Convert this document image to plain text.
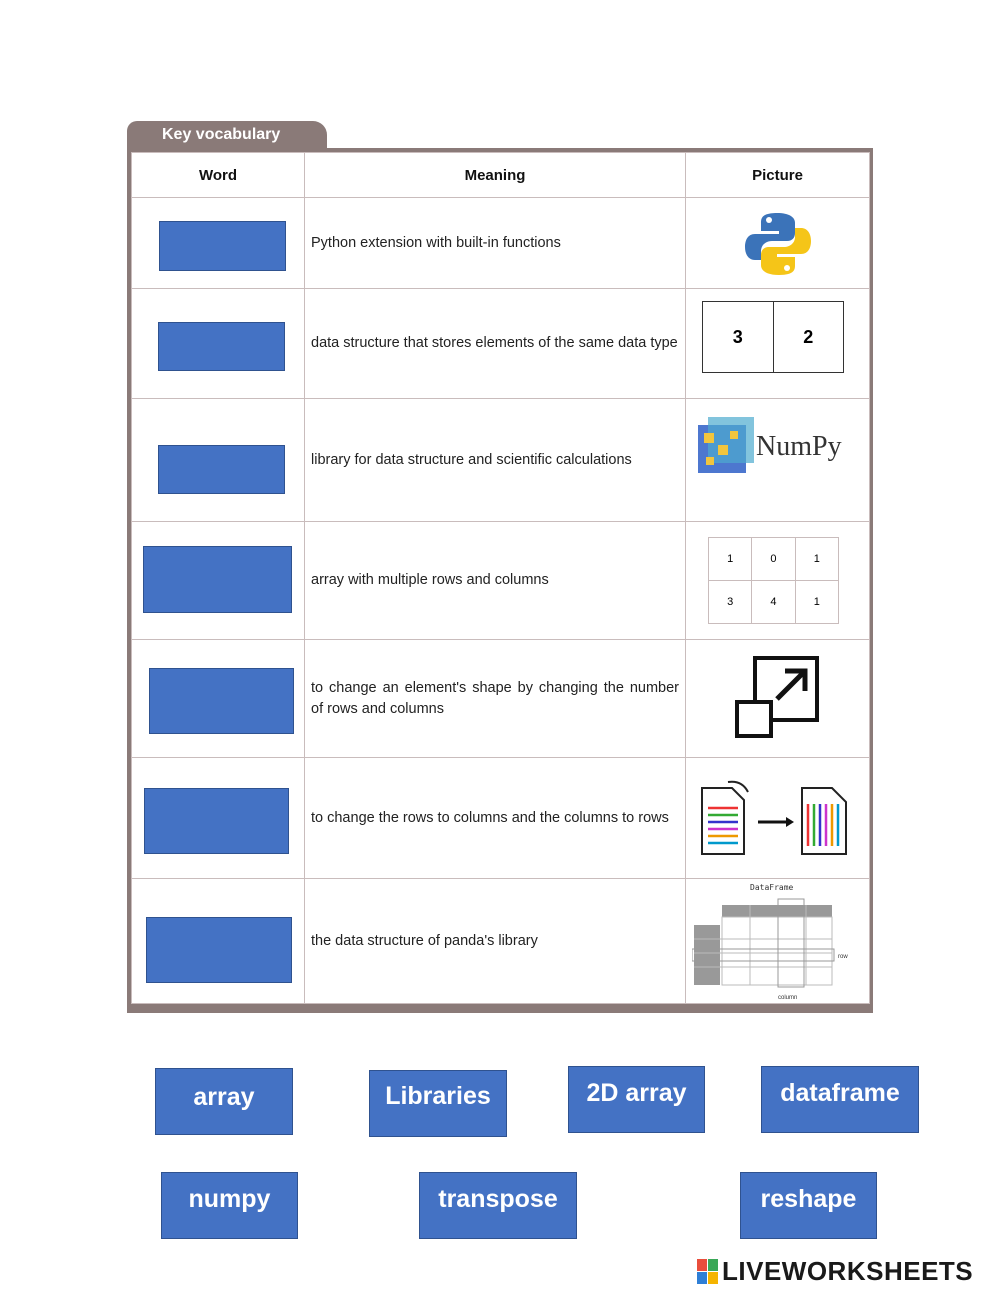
Key vocabulary
Word	Meaning	Picture

	Python extension with built-in functions	

	data structure that stores elements of the same data type	3	2

	library for data structure and scientific calculations	NumPy

	array with multiple rows and columns	
1	0	1
3	4	1

	to change an element's shape by changing the number of rows and columns	

	to change the rows to columns and the columns to rows	

	the data structure of panda's library	
DataFrame
row
column
array	Libraries	2D array	dataframe
numpy	transpose	reshape
LIVEWORKSHEETS
